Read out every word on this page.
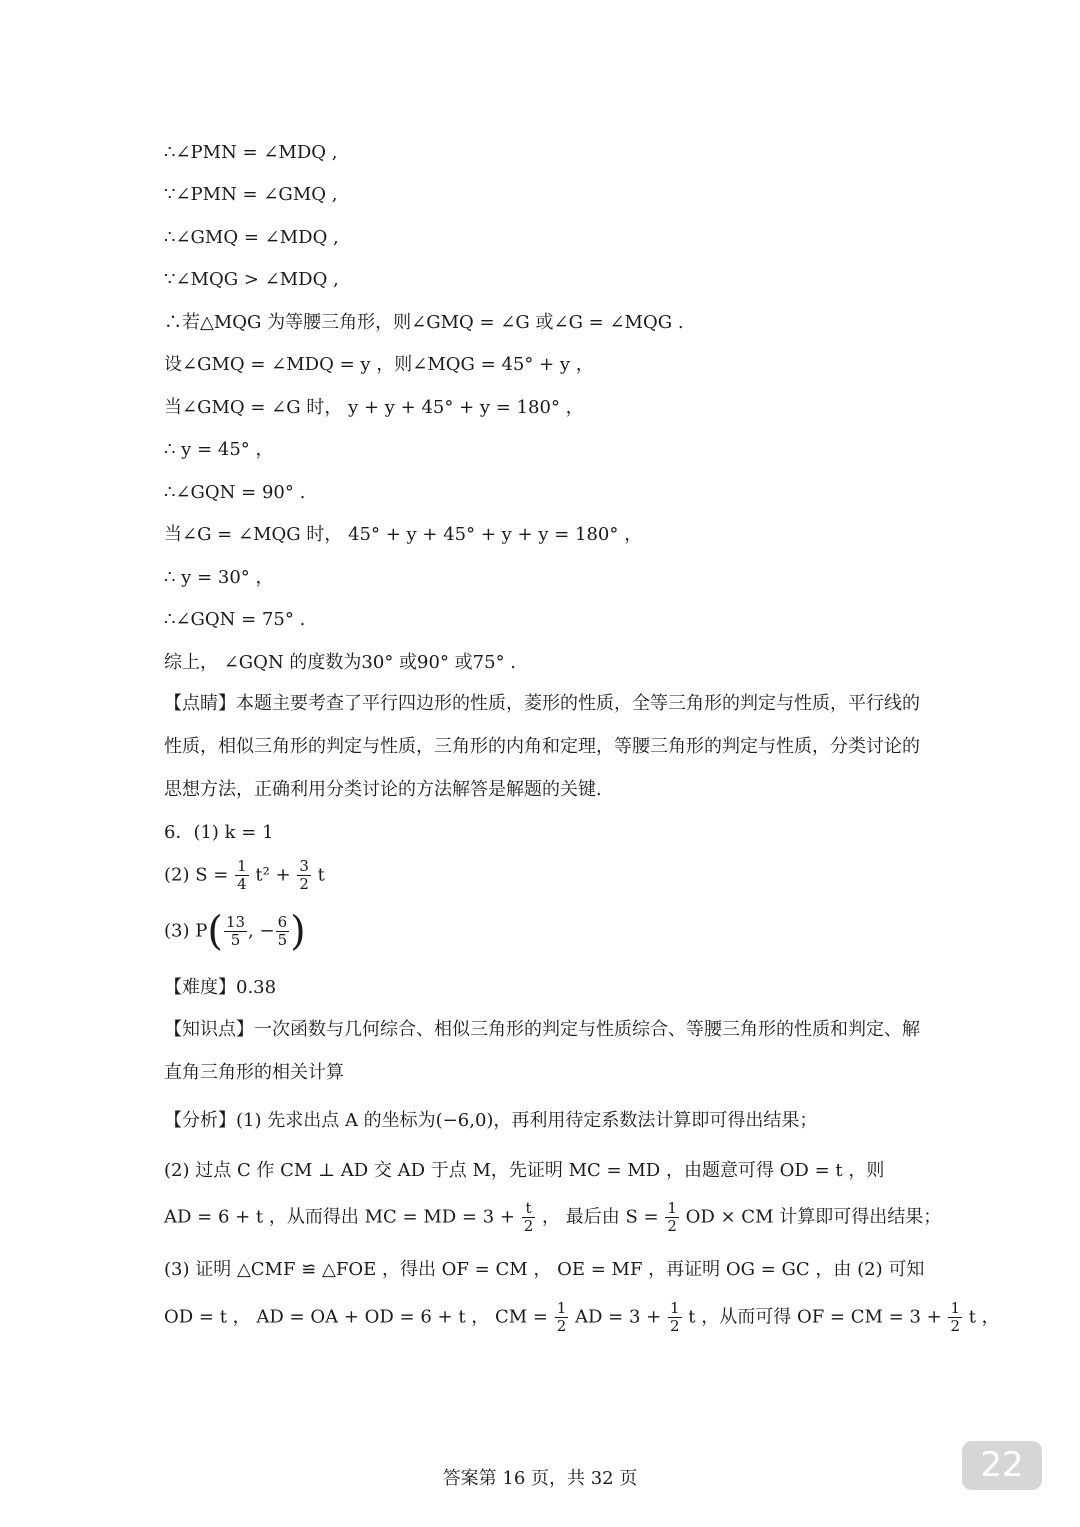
∴∠PMN = ∠MDQ ,
∵∠PMN = ∠GMQ ,
∴∠GMQ = ∠MDQ ,
∵∠MQG > ∠MDQ ,
∴若△MQG 为等腰三角形，则∠GMQ = ∠G 或∠G = ∠MQG .
设∠GMQ = ∠MDQ = y ，则∠MQG = 45° + y ，
当∠GMQ = ∠G 时， y + y + 45° + y = 180° ，
∴ y = 45° ，
∴∠GQN = 90° .
当∠G = ∠MQG 时， 45° + y + 45° + y + y = 180° ，
∴ y = 30° ，
∴∠GQN = 75° .
综上， ∠GQN 的度数为30° 或90° 或75° .
【点睛】本题主要考查了平行四边形的性质，菱形的性质，全等三角形的判定与性质，平行线的性质，相似三角形的判定与性质，三角形的内角和定理，等腰三角形的判定与性质，分类讨论的思想方法，正确利用分类讨论的方法解答是解题的关键.
6．(1) k = 1
(2) $S = \frac{1}{4} t^2 + \frac{3}{2}$ t
(3) $P( \frac{13}{5}$ , − $\frac{6}{5}$ )
【难度】0.38
【知识点】一次函数与几何综合、相似三角形的判定与性质综合、等腰三角形的性质和判定、解直角三角形的相关计算
【分析】(1) 先求出点 A 的坐标为(−6,0)，再利用待定系数法计算即可得出结果；
(2) 过点 C 作 CM ⊥ AD 交 AD 于点 M，先证明 MC = MD ，由题意可得 OD = t ，则
AD = 6 + t ，从而得出 MC = MD = $3 + \frac{t}{2}$ ， 最后由 $S = \frac{1}{2}$ OD × CM 计算即可得出结果；
(3) 证明 △CMF ≌ △FOE ，得出 OF = CM ， OE = MF ，再证明 OG = GC ，由 (2) 可知
OD = t ， AD = OA + OD = 6 + t ， CM = $\frac{1}{2}$ AD = $3 + \frac{1}{2}$ t ，从而可得 OF = CM = $3 + \frac{1}{2}$ t ，
答案第 16 页，共 32 页	22
